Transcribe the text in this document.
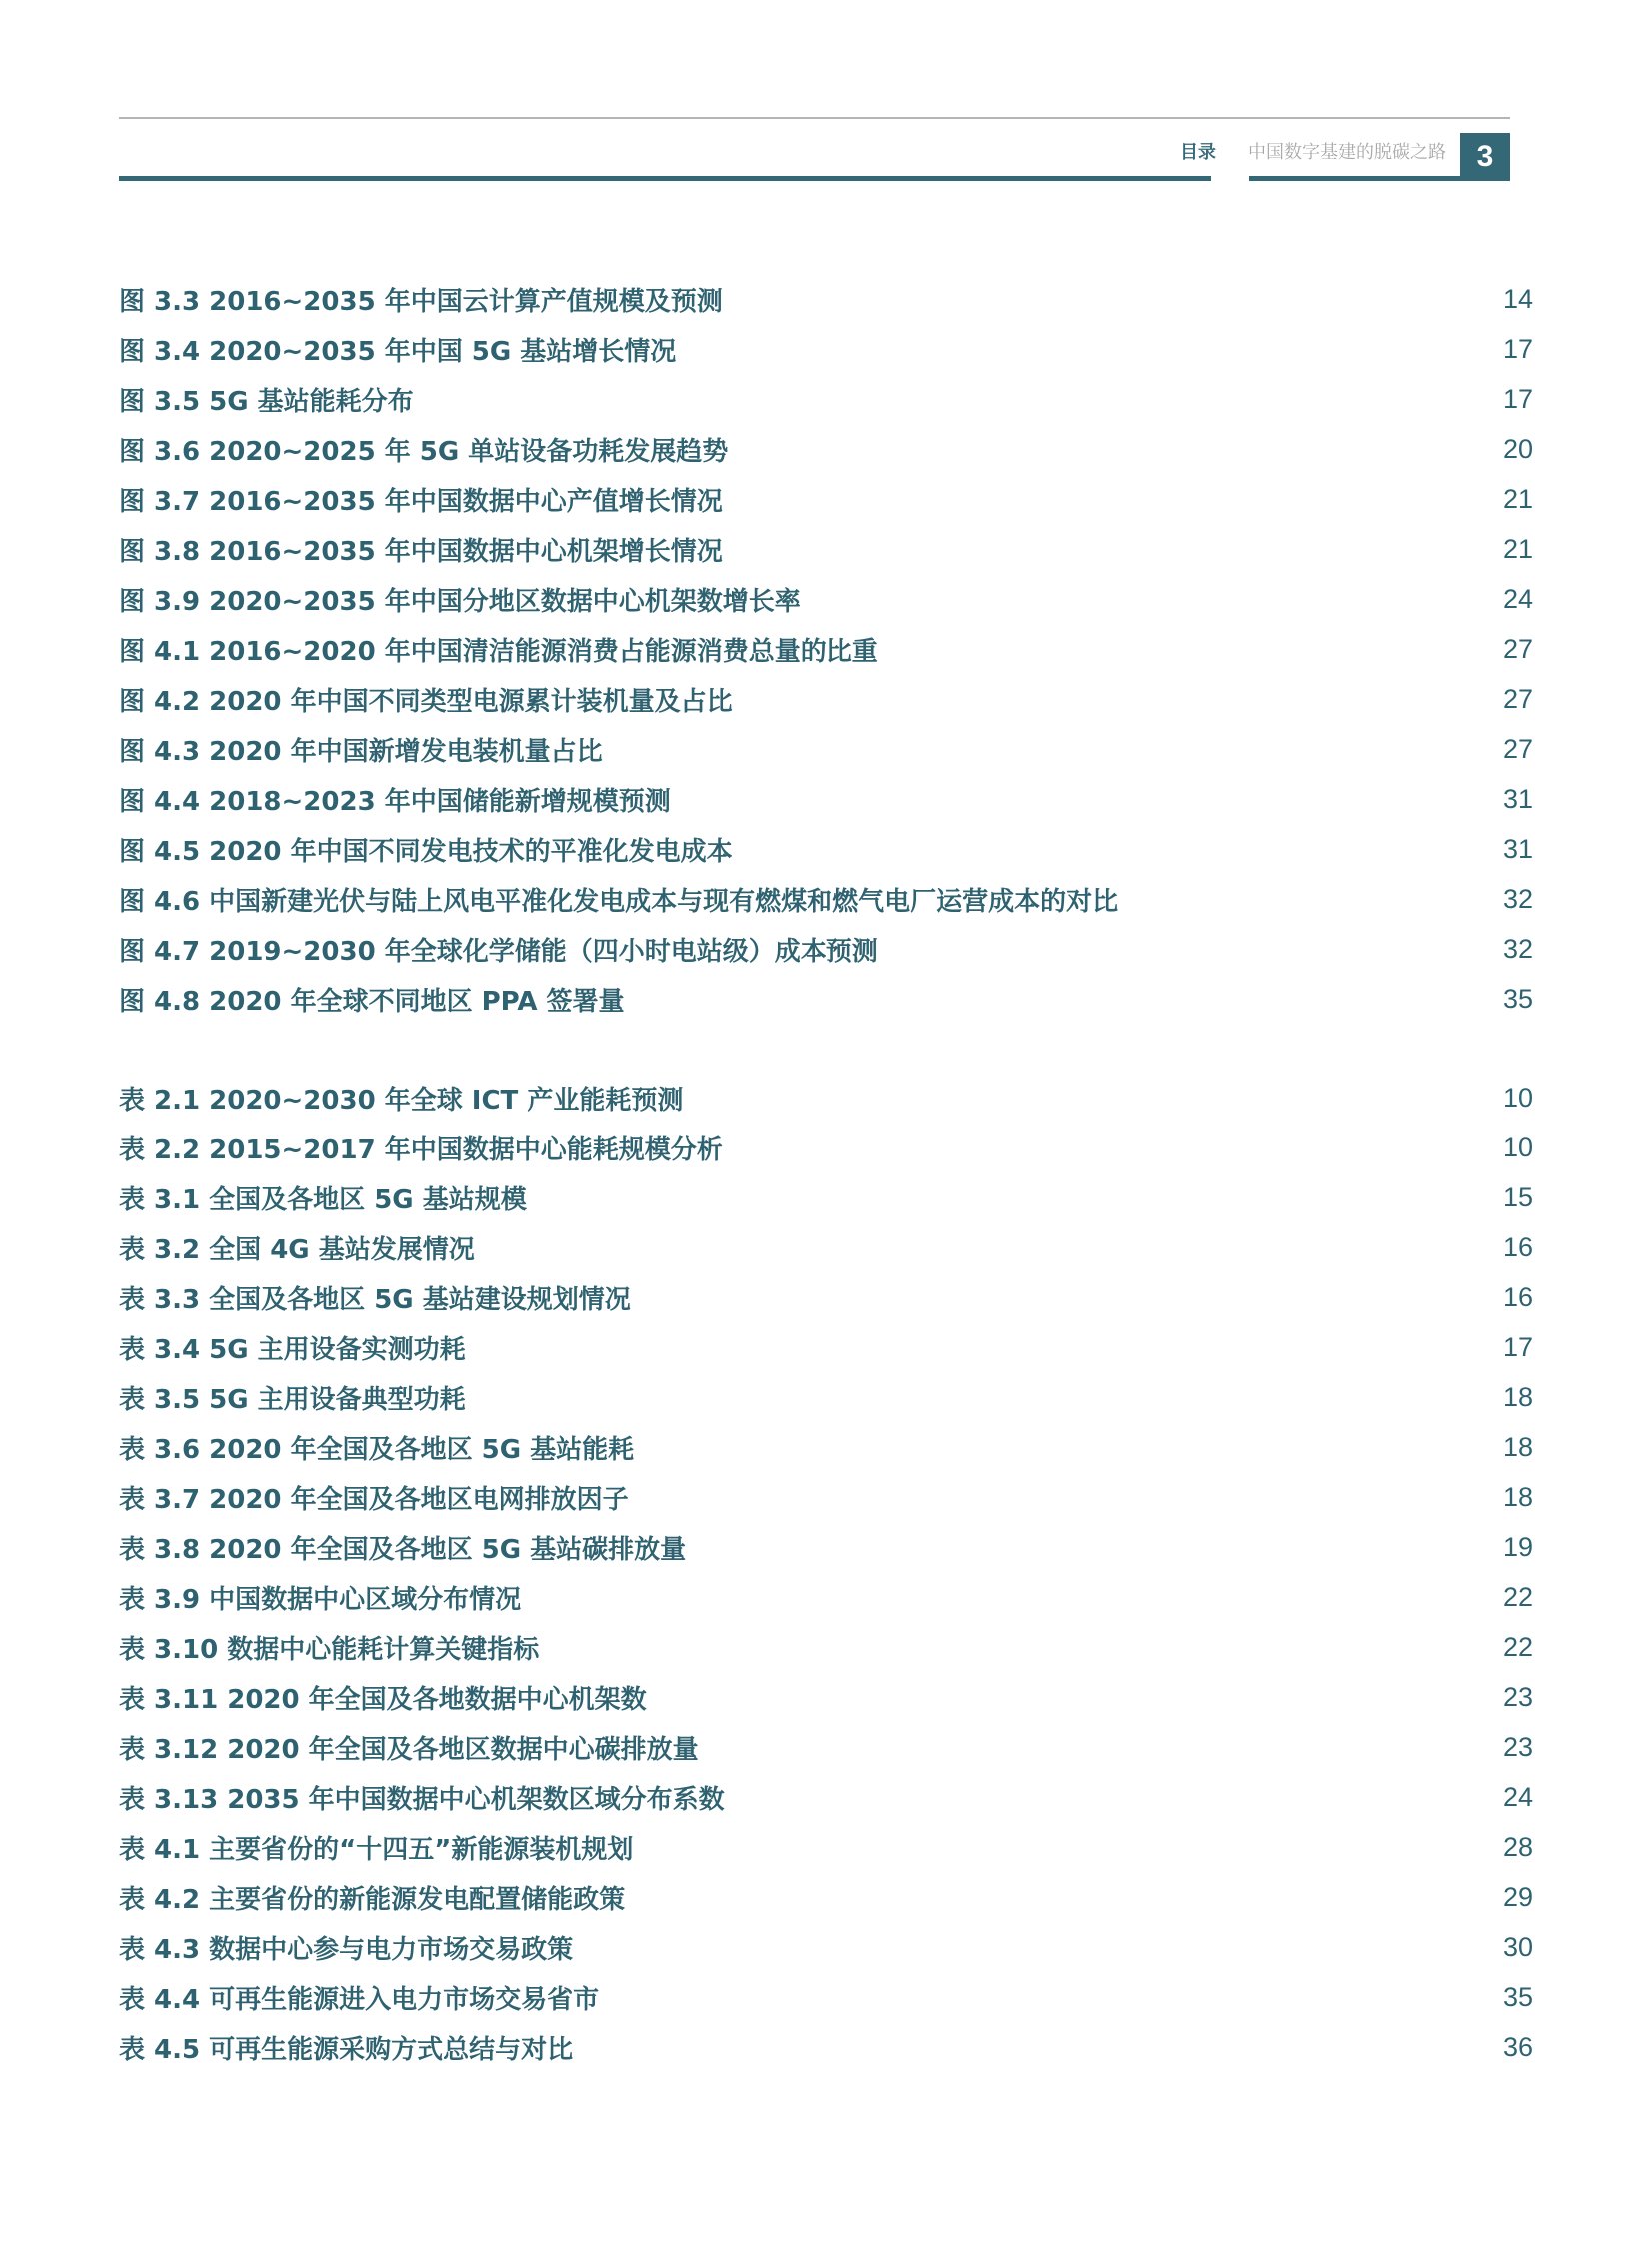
目录 中国数字基建的脱碳之路	3
图 3.3 2016~2035 年中国云计算产值规模及预测	14
图 3.4 2020~2035 年中国 5G 基站增长情况	17
图 3.5 5G 基站能耗分布	17
图 3.6 2020~2025 年 5G 单站设备功耗发展趋势	20
图 3.7 2016~2035 年中国数据中心产值增长情况	21
图 3.8 2016~2035 年中国数据中心机架增长情况	21
图 3.9 2020~2035 年中国分地区数据中心机架数增长率	24
图 4.1 2016~2020 年中国清洁能源消费占能源消费总量的比重	27
图 4.2 2020 年中国不同类型电源累计装机量及占比	27
图 4.3 2020 年中国新增发电装机量占比	27
图 4.4 2018~2023 年中国储能新增规模预测	31
图 4.5 2020 年中国不同发电技术的平准化发电成本	31
图 4.6 中国新建光伏与陆上风电平准化发电成本与现有燃煤和燃气电厂运营成本的对比	32
图 4.7 2019~2030 年全球化学储能（四小时电站级）成本预测	32
图 4.8 2020 年全球不同地区 PPA 签署量	35
表 2.1 2020~2030 年全球 ICT 产业能耗预测	10
表 2.2 2015~2017 年中国数据中心能耗规模分析	10
表 3.1 全国及各地区 5G 基站规模	15
表 3.2 全国 4G 基站发展情况	16
表 3.3 全国及各地区 5G 基站建设规划情况	16
表 3.4 5G 主用设备实测功耗	17
表 3.5 5G 主用设备典型功耗	18
表 3.6 2020 年全国及各地区 5G 基站能耗	18
表 3.7 2020 年全国及各地区电网排放因子	18
表 3.8 2020 年全国及各地区 5G 基站碳排放量	19
表 3.9 中国数据中心区域分布情况	22
表 3.10 数据中心能耗计算关键指标	22
表 3.11 2020 年全国及各地数据中心机架数	23
表 3.12 2020 年全国及各地区数据中心碳排放量	23
表 3.13 2035 年中国数据中心机架数区域分布系数	24
表 4.1 主要省份的“十四五”新能源装机规划	28
表 4.2 主要省份的新能源发电配置储能政策	29
表 4.3 数据中心参与电力市场交易政策	30
表 4.4 可再生能源进入电力市场交易省市	35
表 4.5 可再生能源采购方式总结与对比	36
